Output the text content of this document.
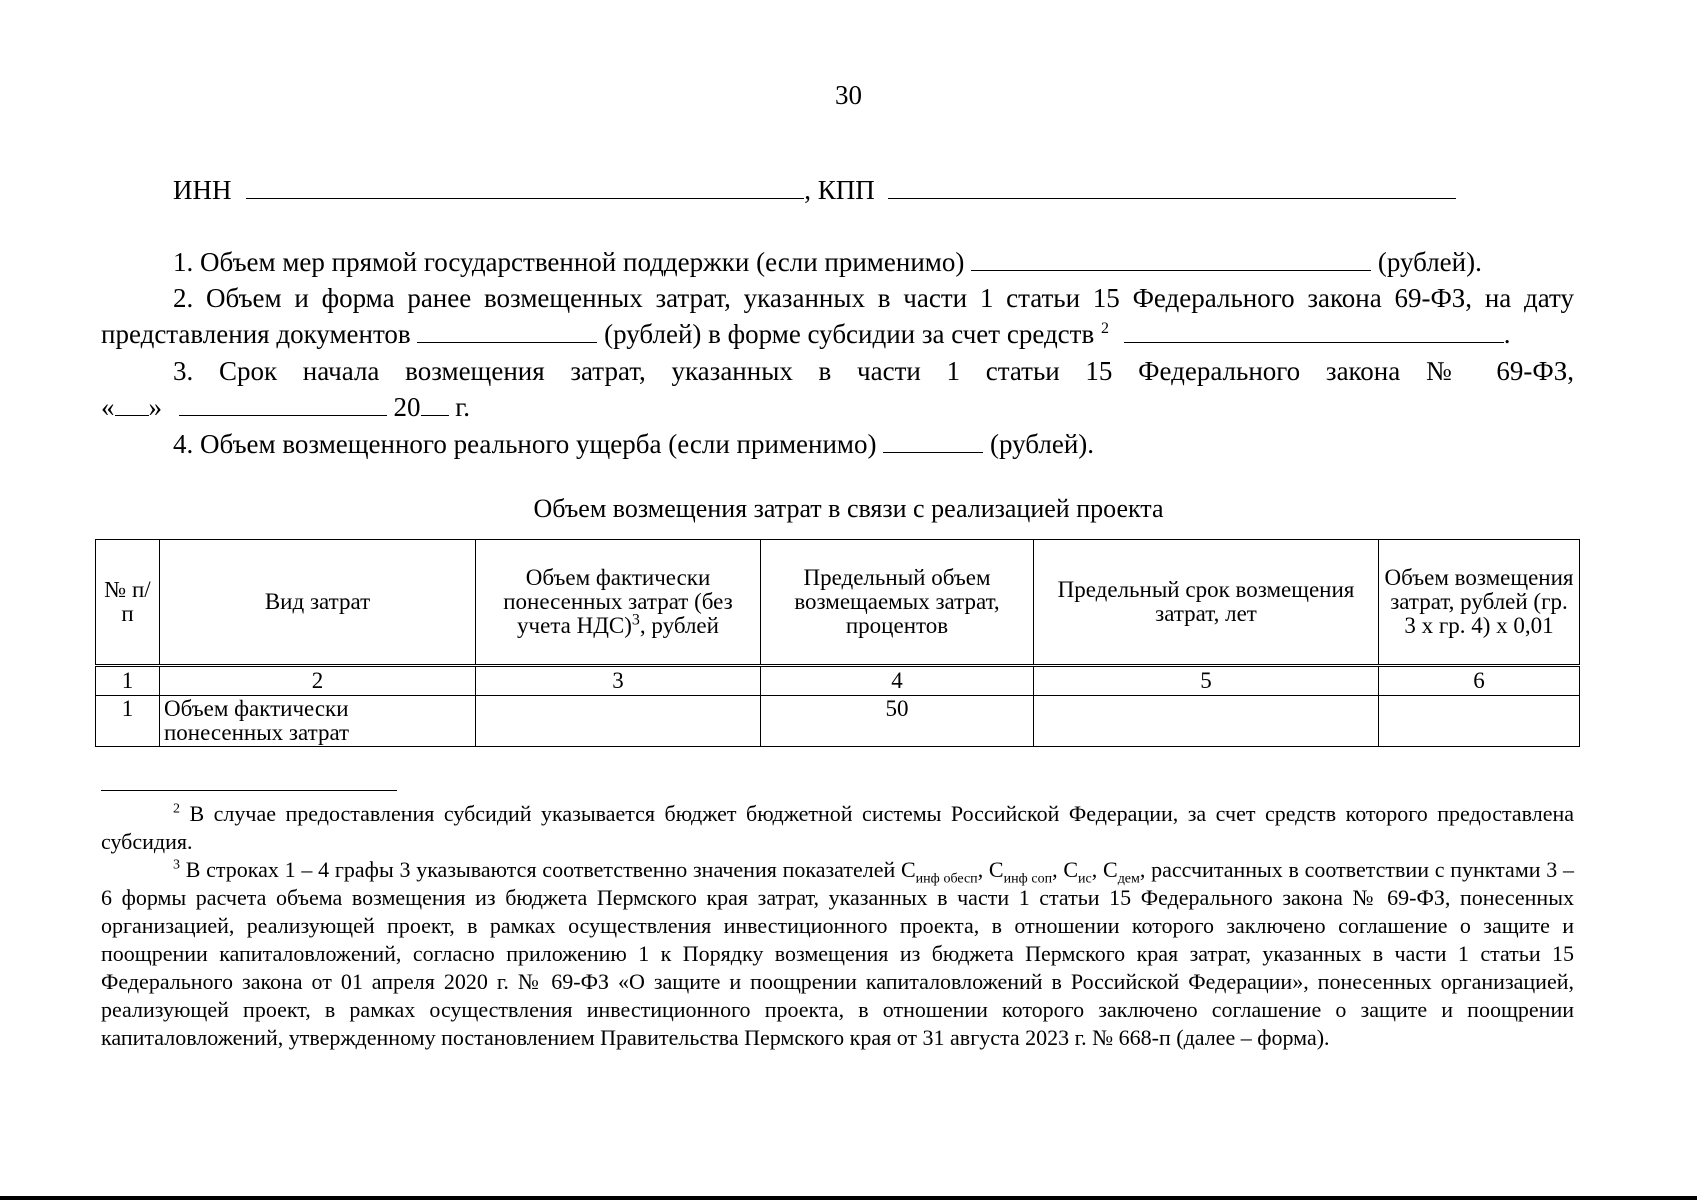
30
ИНН	, КПП

1. Объем мер прямой государственной поддержки (если применимо)	(рублей).

2. Объем и форма ранее возмещенных затрат, указанных в части 1 статьи 15 Федерального закона 69-ФЗ, на дату

представления документов	(рублей) в форме субсидии за счет средств $^2$	.

3. Срок начала возмещения затрат, указанных в части 1 статьи 15 Федерального закона № 69-ФЗ,

« »	20 г.

4. Объем возмещенного реального ущерба (если применимо)	(рублей).

Объем возмещения затрат в связи с реализацией проекта
№ п/п	Вид затрат	Объем фактически понесенных затрат (без учета НДС)$^3$, рублей	Предельный объем возмещаемых затрат, процентов	Предельный срок возмещения затрат, лет	Объем возмещения затрат, рублей (гр. 3 х гр. 4) х 0,01
1	2	3	4	5	6
1	Объем фактически понесенных затрат		50		

$^2$ В случае предоставления субсидий указывается бюджет бюджетной системы Российской Федерации, за счет средств которого предоставлена субсидия.

$^3$ В строках 1 – 4 графы 3 указываются соответственно значения показателей $С_{инф обесп}$, $С_{инф соп}$, $С_{ис}$, $С_{дем}$, рассчитанных в соответствии с пунктами 3 – 6 формы расчета объема возмещения из бюджета Пермского края затрат, указанных в части 1 статьи 15 Федерального закона № 69-ФЗ, понесенных организацией, реализующей проект, в рамках осуществления инвестиционного проекта, в отношении которого заключено соглашение о защите и поощрении капиталовложений, согласно приложению 1 к Порядку возмещения из бюджета Пермского края затрат, указанных в части 1 статьи 15 Федерального закона от 01 апреля 2020 г. № 69-ФЗ «О защите и поощрении капиталовложений в Российской Федерации», понесенных организацией, реализующей проект, в рамках осуществления инвестиционного проекта, в отношении которого заключено соглашение о защите и поощрении капиталовложений, утвержденному постановлением Правительства Пермского края от 31 августа 2023 г. № 668-п (далее – форма).
